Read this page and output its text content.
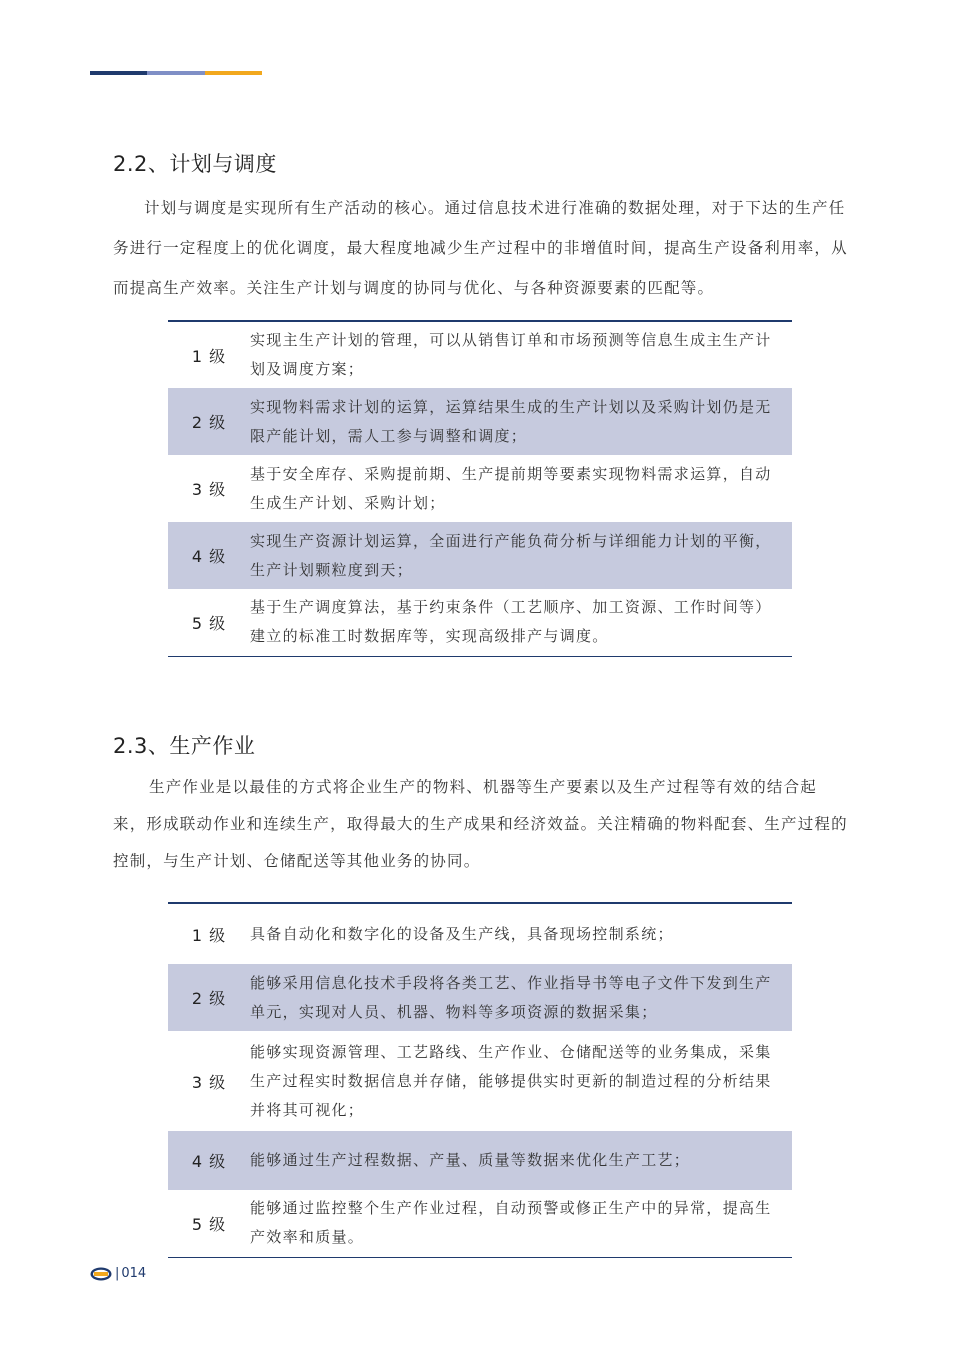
2.2、计划与调度

计划与调度是实现所有生产活动的核心。通过信息技术进行准确的数据处理，对于下达的生产任务进行一定程度上的优化调度，最大程度地减少生产过程中的非增值时间，提高生产设备利用率，从而提高生产效率。关注生产计划与调度的协同与优化、与各种资源要素的匹配等。

1 级	实现主生产计划的管理，可以从销售订单和市场预测等信息生成主生产计划及调度方案；
2 级	实现物料需求计划的运算，运算结果生成的生产计划以及采购计划仍是无限产能计划，需人工参与调整和调度；
3 级	基于安全库存、采购提前期、生产提前期等要素实现物料需求运算，自动生成生产计划、采购计划；
4 级	实现生产资源计划运算，全面进行产能负荷分析与详细能力计划的平衡，生产计划颗粒度到天；
5 级	基于生产调度算法，基于约束条件（工艺顺序、加工资源、工作时间等）建立的标准工时数据库等，实现高级排产与调度。
2.3、生产作业

生产作业是以最佳的方式将企业生产的物料、机器等生产要素以及生产过程等有效的结合起来，形成联动作业和连续生产，取得最大的生产成果和经济效益。关注精确的物料配套、生产过程的控制，与生产计划、仓储配送等其他业务的协同。

1 级	具备自动化和数字化的设备及生产线，具备现场控制系统；
2 级	能够采用信息化技术手段将各类工艺、作业指导书等电子文件下发到生产单元，实现对人员、机器、物料等多项资源的数据采集；
3 级	能够实现资源管理、工艺路线、生产作业、仓储配送等的业务集成，采集生产过程实时数据信息并存储，能够提供实时更新的制造过程的分析结果并将其可视化；
4 级	能够通过生产过程数据、产量、质量等数据来优化生产工艺；
5 级	能够通过监控整个生产作业过程，自动预警或修正生产中的异常，提高生产效率和质量。
| 014
